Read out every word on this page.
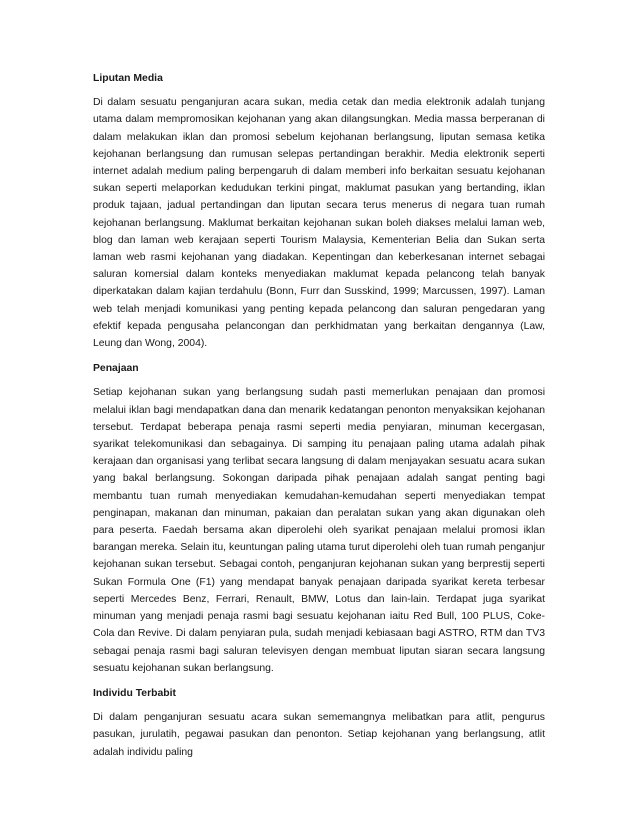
Liputan Media

Di dalam sesuatu penganjuran acara sukan, media cetak dan media elektronik adalah tunjang utama dalam mempromosikan kejohanan yang akan dilangsungkan. Media massa berperanan di dalam melakukan iklan dan promosi sebelum kejohanan berlangsung, liputan semasa ketika kejohanan berlangsung dan rumusan selepas pertandingan berakhir. Media elektronik seperti internet adalah medium paling berpengaruh di dalam memberi info berkaitan sesuatu kejohanan sukan seperti melaporkan kedudukan terkini pingat, maklumat pasukan yang bertanding, iklan produk tajaan, jadual pertandingan dan liputan secara terus menerus di negara tuan rumah kejohanan berlangsung. Maklumat berkaitan kejohanan sukan boleh diakses melalui laman web, blog dan laman web kerajaan seperti Tourism Malaysia, Kementerian Belia dan Sukan serta laman web rasmi kejohanan yang diadakan. Kepentingan dan keberkesanan internet sebagai saluran komersial dalam konteks menyediakan maklumat kepada pelancong telah banyak diperkatakan dalam kajian terdahulu (Bonn, Furr dan Susskind, 1999; Marcussen, 1997). Laman web telah menjadi komunikasi yang penting kepada pelancong dan saluran pengedaran yang efektif kepada pengusaha pelancongan dan perkhidmatan yang berkaitan dengannya (Law, Leung dan Wong, 2004).

Penajaan

Setiap kejohanan sukan yang berlangsung sudah pasti memerlukan penajaan dan promosi melalui iklan bagi mendapatkan dana dan menarik kedatangan penonton menyaksikan kejohanan tersebut. Terdapat beberapa penaja rasmi seperti media penyiaran, minuman kecergasan, syarikat telekomunikasi dan sebagainya. Di samping itu penajaan paling utama adalah pihak kerajaan dan organisasi yang terlibat secara langsung di dalam menjayakan sesuatu acara sukan yang bakal berlangsung. Sokongan daripada pihak penajaan adalah sangat penting bagi membantu tuan rumah menyediakan kemudahan-kemudahan seperti menyediakan tempat penginapan, makanan dan minuman, pakaian dan peralatan sukan yang akan digunakan oleh para peserta. Faedah bersama akan diperolehi oleh syarikat penajaan melalui promosi iklan barangan mereka. Selain itu, keuntungan paling utama turut diperolehi oleh tuan rumah penganjur kejohanan sukan tersebut. Sebagai contoh, penganjuran kejohanan sukan yang berprestij seperti Sukan Formula One (F1) yang mendapat banyak penajaan daripada syarikat kereta terbesar seperti Mercedes Benz, Ferrari, Renault, BMW, Lotus dan lain-lain. Terdapat juga syarikat minuman yang menjadi penaja rasmi bagi sesuatu kejohanan iaitu Red Bull, 100 PLUS, Coke-Cola dan Revive. Di dalam penyiaran pula, sudah menjadi kebiasaan bagi ASTRO, RTM dan TV3 sebagai penaja rasmi bagi saluran televisyen dengan membuat liputan siaran secara langsung sesuatu kejohanan sukan berlangsung.

Individu Terbabit

Di dalam penganjuran sesuatu acara sukan sememangnya melibatkan para atlit, pengurus pasukan, jurulatih, pegawai pasukan dan penonton. Setiap kejohanan yang berlangsung, atlit adalah individu paling
